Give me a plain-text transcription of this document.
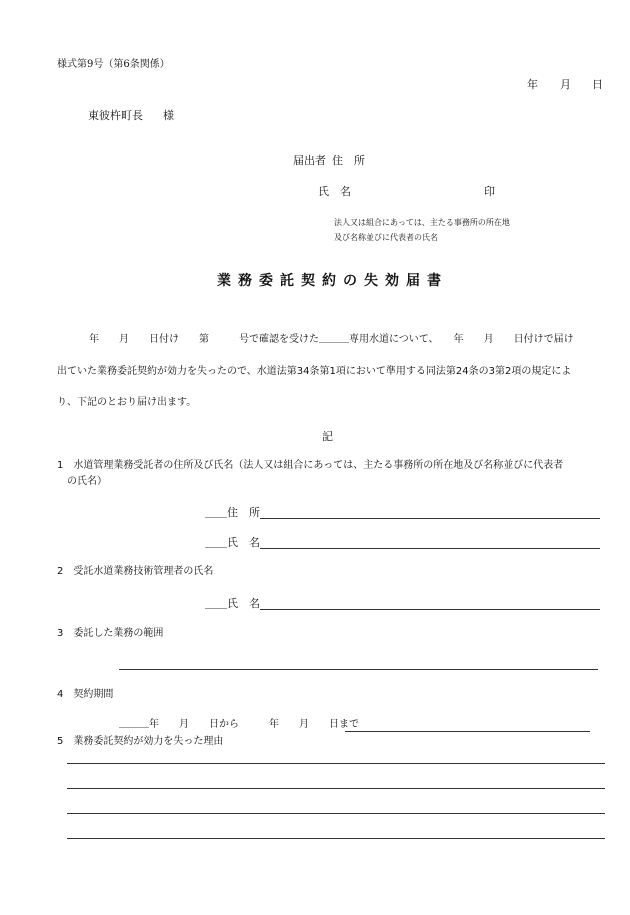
様式第9号（第6条関係）
年 月 日
東彼杵町長 様
届出者 住　所
氏　名	印
法人又は組合にあっては、主たる事務所の所在地
及び名称並びに代表者の氏名
業務委託契約の失効届書
年　　月　　日付け　　第　　　号で確認を受けた＿＿＿専用水道について、　　年　　月　　日付けで届け
出ていた業務委託契約が効力を失ったので、水道法第34条第1項において準用する同法第24条の3第2項の規定によ
り、下記のとおり届け出ます。
記
1　水道管理業務受託者の住所及び氏名（法人又は組合にあっては、主たる事務所の所在地及び名称並びに代表者
の氏名）
＿＿住　所
＿＿氏　名
2　受託水道業務技術管理者の氏名
＿＿氏　名
3　委託した業務の範囲
4　契約期間
＿＿＿年　　月　　日から　　　年　　月　　日まで
5　業務委託契約が効力を失った理由
